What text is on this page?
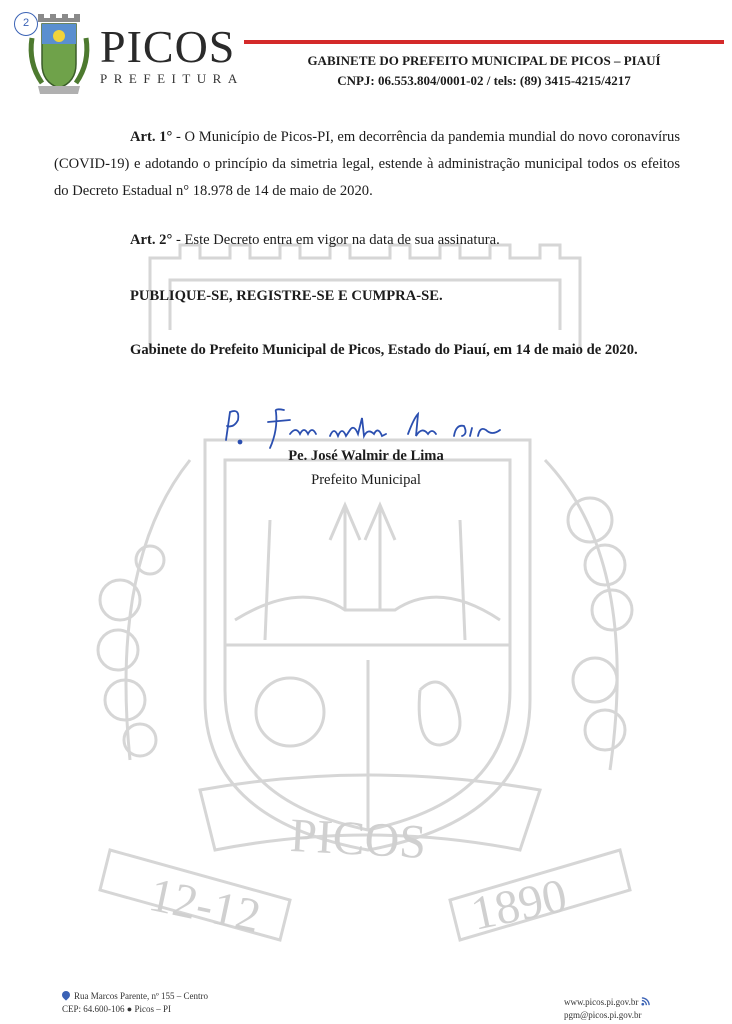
PICOS
12-12	1890
2 PICOS
PREFEITURA
GABINETE DO PREFEITO MUNICIPAL DE PICOS – PIAUÍ
CNPJ: 06.553.804/0001-02 / tels: (89) 3415-4215/4217
Art. 1° - O Município de Picos-PI, em decorrência da pandemia mundial do novo coronavírus (COVID-19) e adotando o princípio da simetria legal, estende à administração municipal todos os efeitos do Decreto Estadual n° 18.978 de 14 de maio de 2020.
Art. 2° - Este Decreto entra em vigor na data de sua assinatura.
PUBLIQUE-SE, REGISTRE-SE E CUMPRA-SE.
Gabinete do Prefeito Municipal de Picos, Estado do Piauí, em 14 de maio de 2020.
Pe. José Walmir de Lima
Prefeito Municipal
Rua Marcos Parente, nº 155 – Centro
CEP: 64.600-106 ● Picos – PI
www.picos.pi.gov.br
pgm@picos.pi.gov.br
